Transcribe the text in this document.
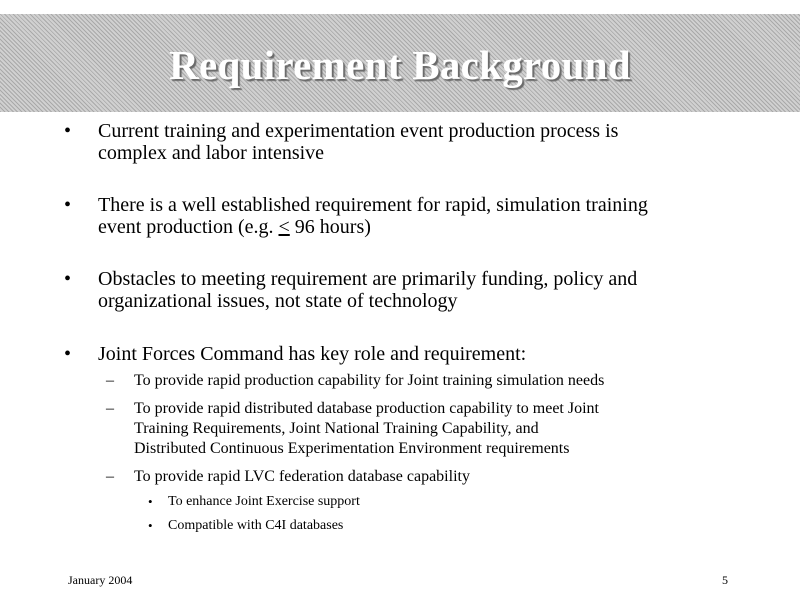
Requirement Background
• Current training and experimentation event production process is
complex and labor intensive
• There is a well established requirement for rapid, simulation training
event production (e.g. < 96 hours)
• Obstacles to meeting requirement are primarily funding, policy and
organizational issues, not state of technology
• Joint Forces Command has key role and requirement:
– To provide rapid production capability for Joint training simulation needs
– To provide rapid distributed database production capability to meet Joint
Training Requirements, Joint National Training Capability, and
Distributed Continuous Experimentation Environment requirements
– To provide rapid LVC federation database capability
• To enhance Joint Exercise support
• Compatible with C4I databases
January 2004	5
